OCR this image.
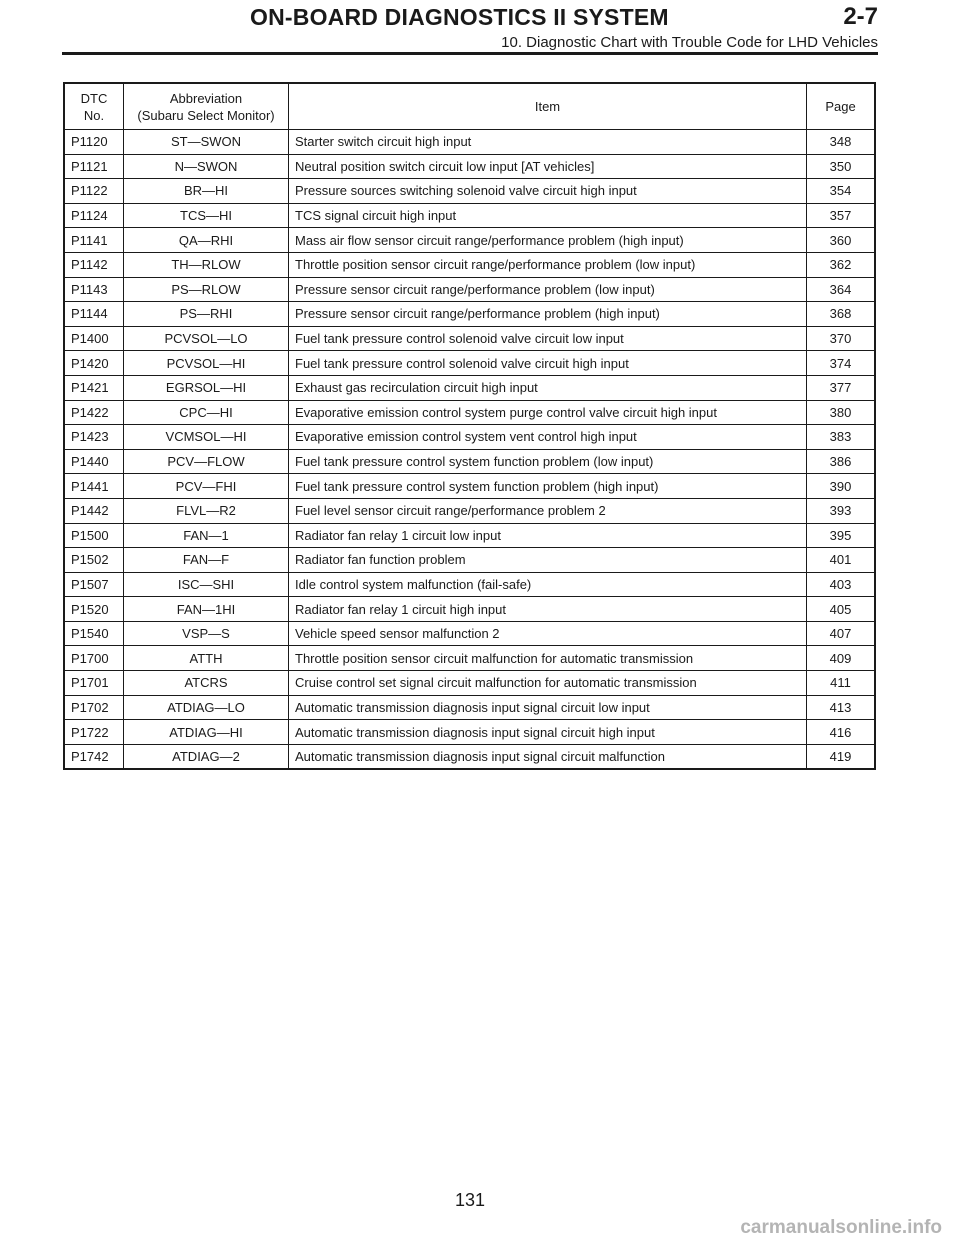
ON-BOARD DIAGNOSTICS II SYSTEM	2-7
10. Diagnostic Chart with Trouble Code for LHD Vehicles
DTC
No.	Abbreviation
(Subaru Select Monitor)	Item	Page
P1120	ST—SWON	Starter switch circuit high input	348
P1121	N—SWON	Neutral position switch circuit low input [AT vehicles]	350
P1122	BR—HI	Pressure sources switching solenoid valve circuit high input	354
P1124	TCS—HI	TCS signal circuit high input	357
P1141	QA—RHI	Mass air flow sensor circuit range/performance problem (high input)	360
P1142	TH—RLOW	Throttle position sensor circuit range/performance problem (low input)	362
P1143	PS—RLOW	Pressure sensor circuit range/performance problem (low input)	364
P1144	PS—RHI	Pressure sensor circuit range/performance problem (high input)	368
P1400	PCVSOL—LO	Fuel tank pressure control solenoid valve circuit low input	370
P1420	PCVSOL—HI	Fuel tank pressure control solenoid valve circuit high input	374
P1421	EGRSOL—HI	Exhaust gas recirculation circuit high input	377
P1422	CPC—HI	Evaporative emission control system purge control valve circuit high input	380
P1423	VCMSOL—HI	Evaporative emission control system vent control high input	383
P1440	PCV—FLOW	Fuel tank pressure control system function problem (low input)	386
P1441	PCV—FHI	Fuel tank pressure control system function problem (high input)	390
P1442	FLVL—R2	Fuel level sensor circuit range/performance problem 2	393
P1500	FAN—1	Radiator fan relay 1 circuit low input	395
P1502	FAN—F	Radiator fan function problem	401
P1507	ISC—SHI	Idle control system malfunction (fail-safe)	403
P1520	FAN—1HI	Radiator fan relay 1 circuit high input	405
P1540	VSP—S	Vehicle speed sensor malfunction 2	407
P1700	ATTH	Throttle position sensor circuit malfunction for automatic transmission	409
P1701	ATCRS	Cruise control set signal circuit malfunction for automatic transmission	411
P1702	ATDIAG—LO	Automatic transmission diagnosis input signal circuit low input	413
P1722	ATDIAG—HI	Automatic transmission diagnosis input signal circuit high input	416
P1742	ATDIAG—2	Automatic transmission diagnosis input signal circuit malfunction	419
131
carmanualsonline.info
